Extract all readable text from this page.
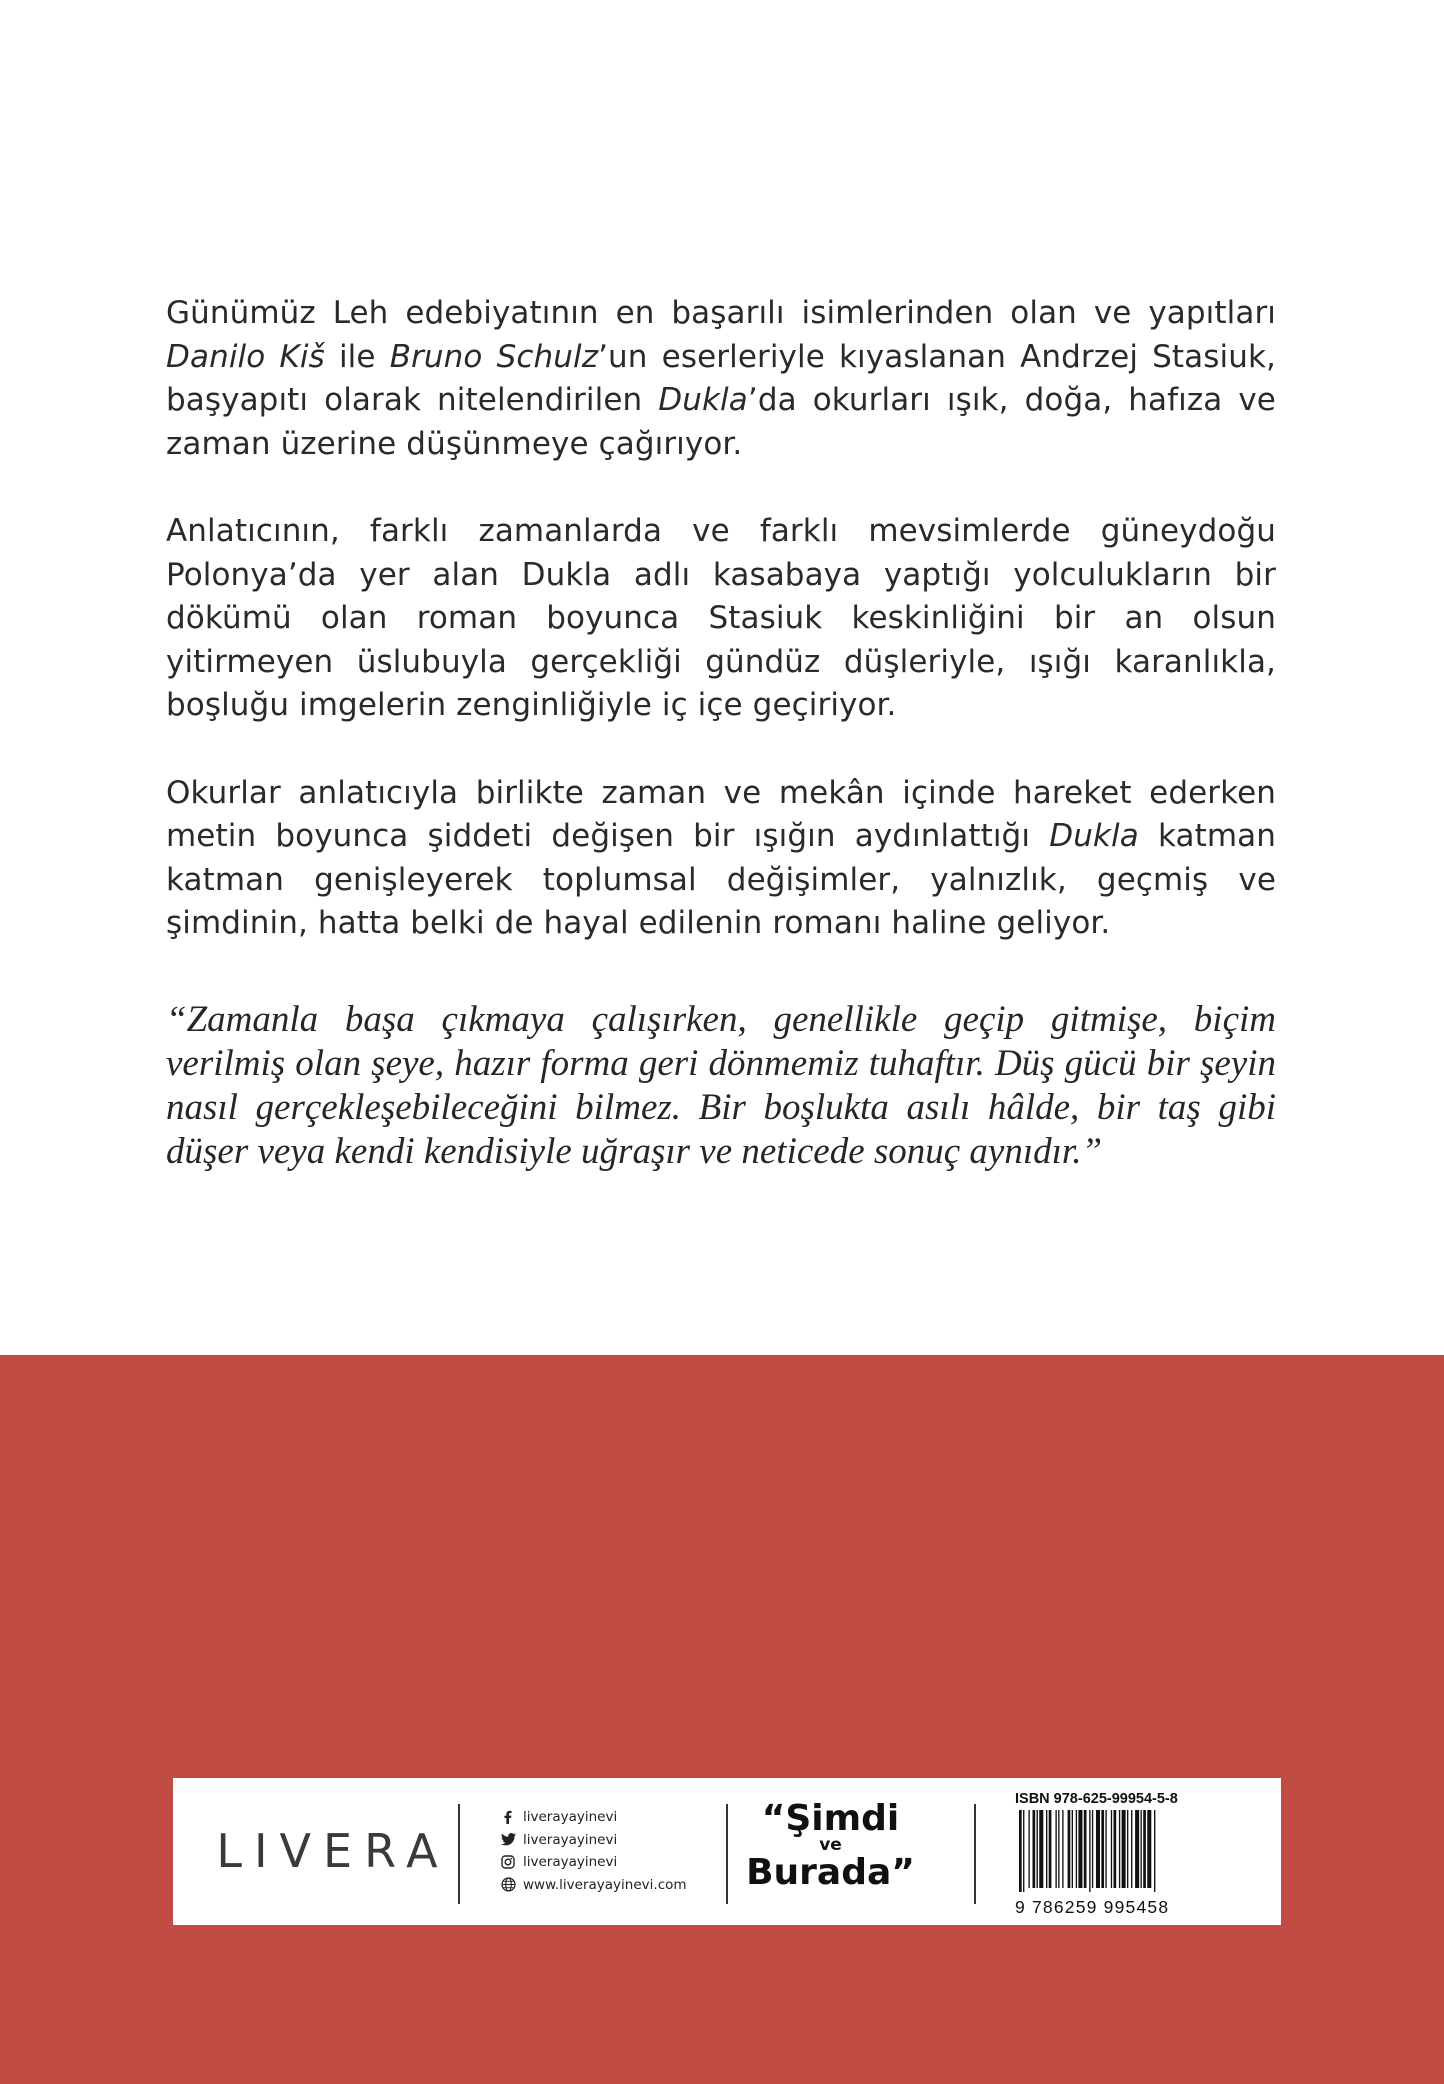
Günümüz Leh edebiyatının en başarılı isimlerinden olan ve yapıtları Danilo Kiš ile Bruno Schulz’un eserleriyle kıyaslanan Andrzej Stasiuk, başyapıtı olarak nitelendirilen Dukla’da okurları ışık, doğa, hafıza ve zaman üzerine düşünmeye çağırıyor.

Anlatıcının, farklı zamanlarda ve farklı mevsimlerde güneydoğu Polonya’da yer alan Dukla adlı kasabaya yaptığı yolculukların bir dökümü olan roman boyunca Stasiuk keskinliğini bir an olsun yitirmeyen üslubuyla gerçekliği gündüz düşleriyle, ışığı karanlıkla, boşluğu imgelerin zenginliğiyle iç içe geçiriyor.

Okurlar anlatıcıyla birlikte zaman ve mekân içinde hareket ederken metin boyunca şiddeti değişen bir ışığın aydınlattığı Dukla katman katman genişleyerek toplumsal değişimler, yalnızlık, geçmiş ve şimdinin, hatta belki de hayal edilenin romanı haline geliyor.

“Zamanla başa çıkmaya çalışırken, genellikle geçip gitmişe, biçim verilmiş olan şeye, hazır forma geri dönmemiz tuhaftır. Düş gücü bir şeyin nasıl gerçekleşebileceğini bilmez. Bir boşlukta asılı hâlde, bir taş gibi düşer veya kendi kendisiyle uğraşır ve neticede sonuç aynıdır.”

LIVERA
liverayayinevi
liverayayinevi
liverayayinevi
www.liverayayinevi.com
“Şimdi
ve
Burada”
ISBN 978-625-99954-5-8
9 786259 995458
